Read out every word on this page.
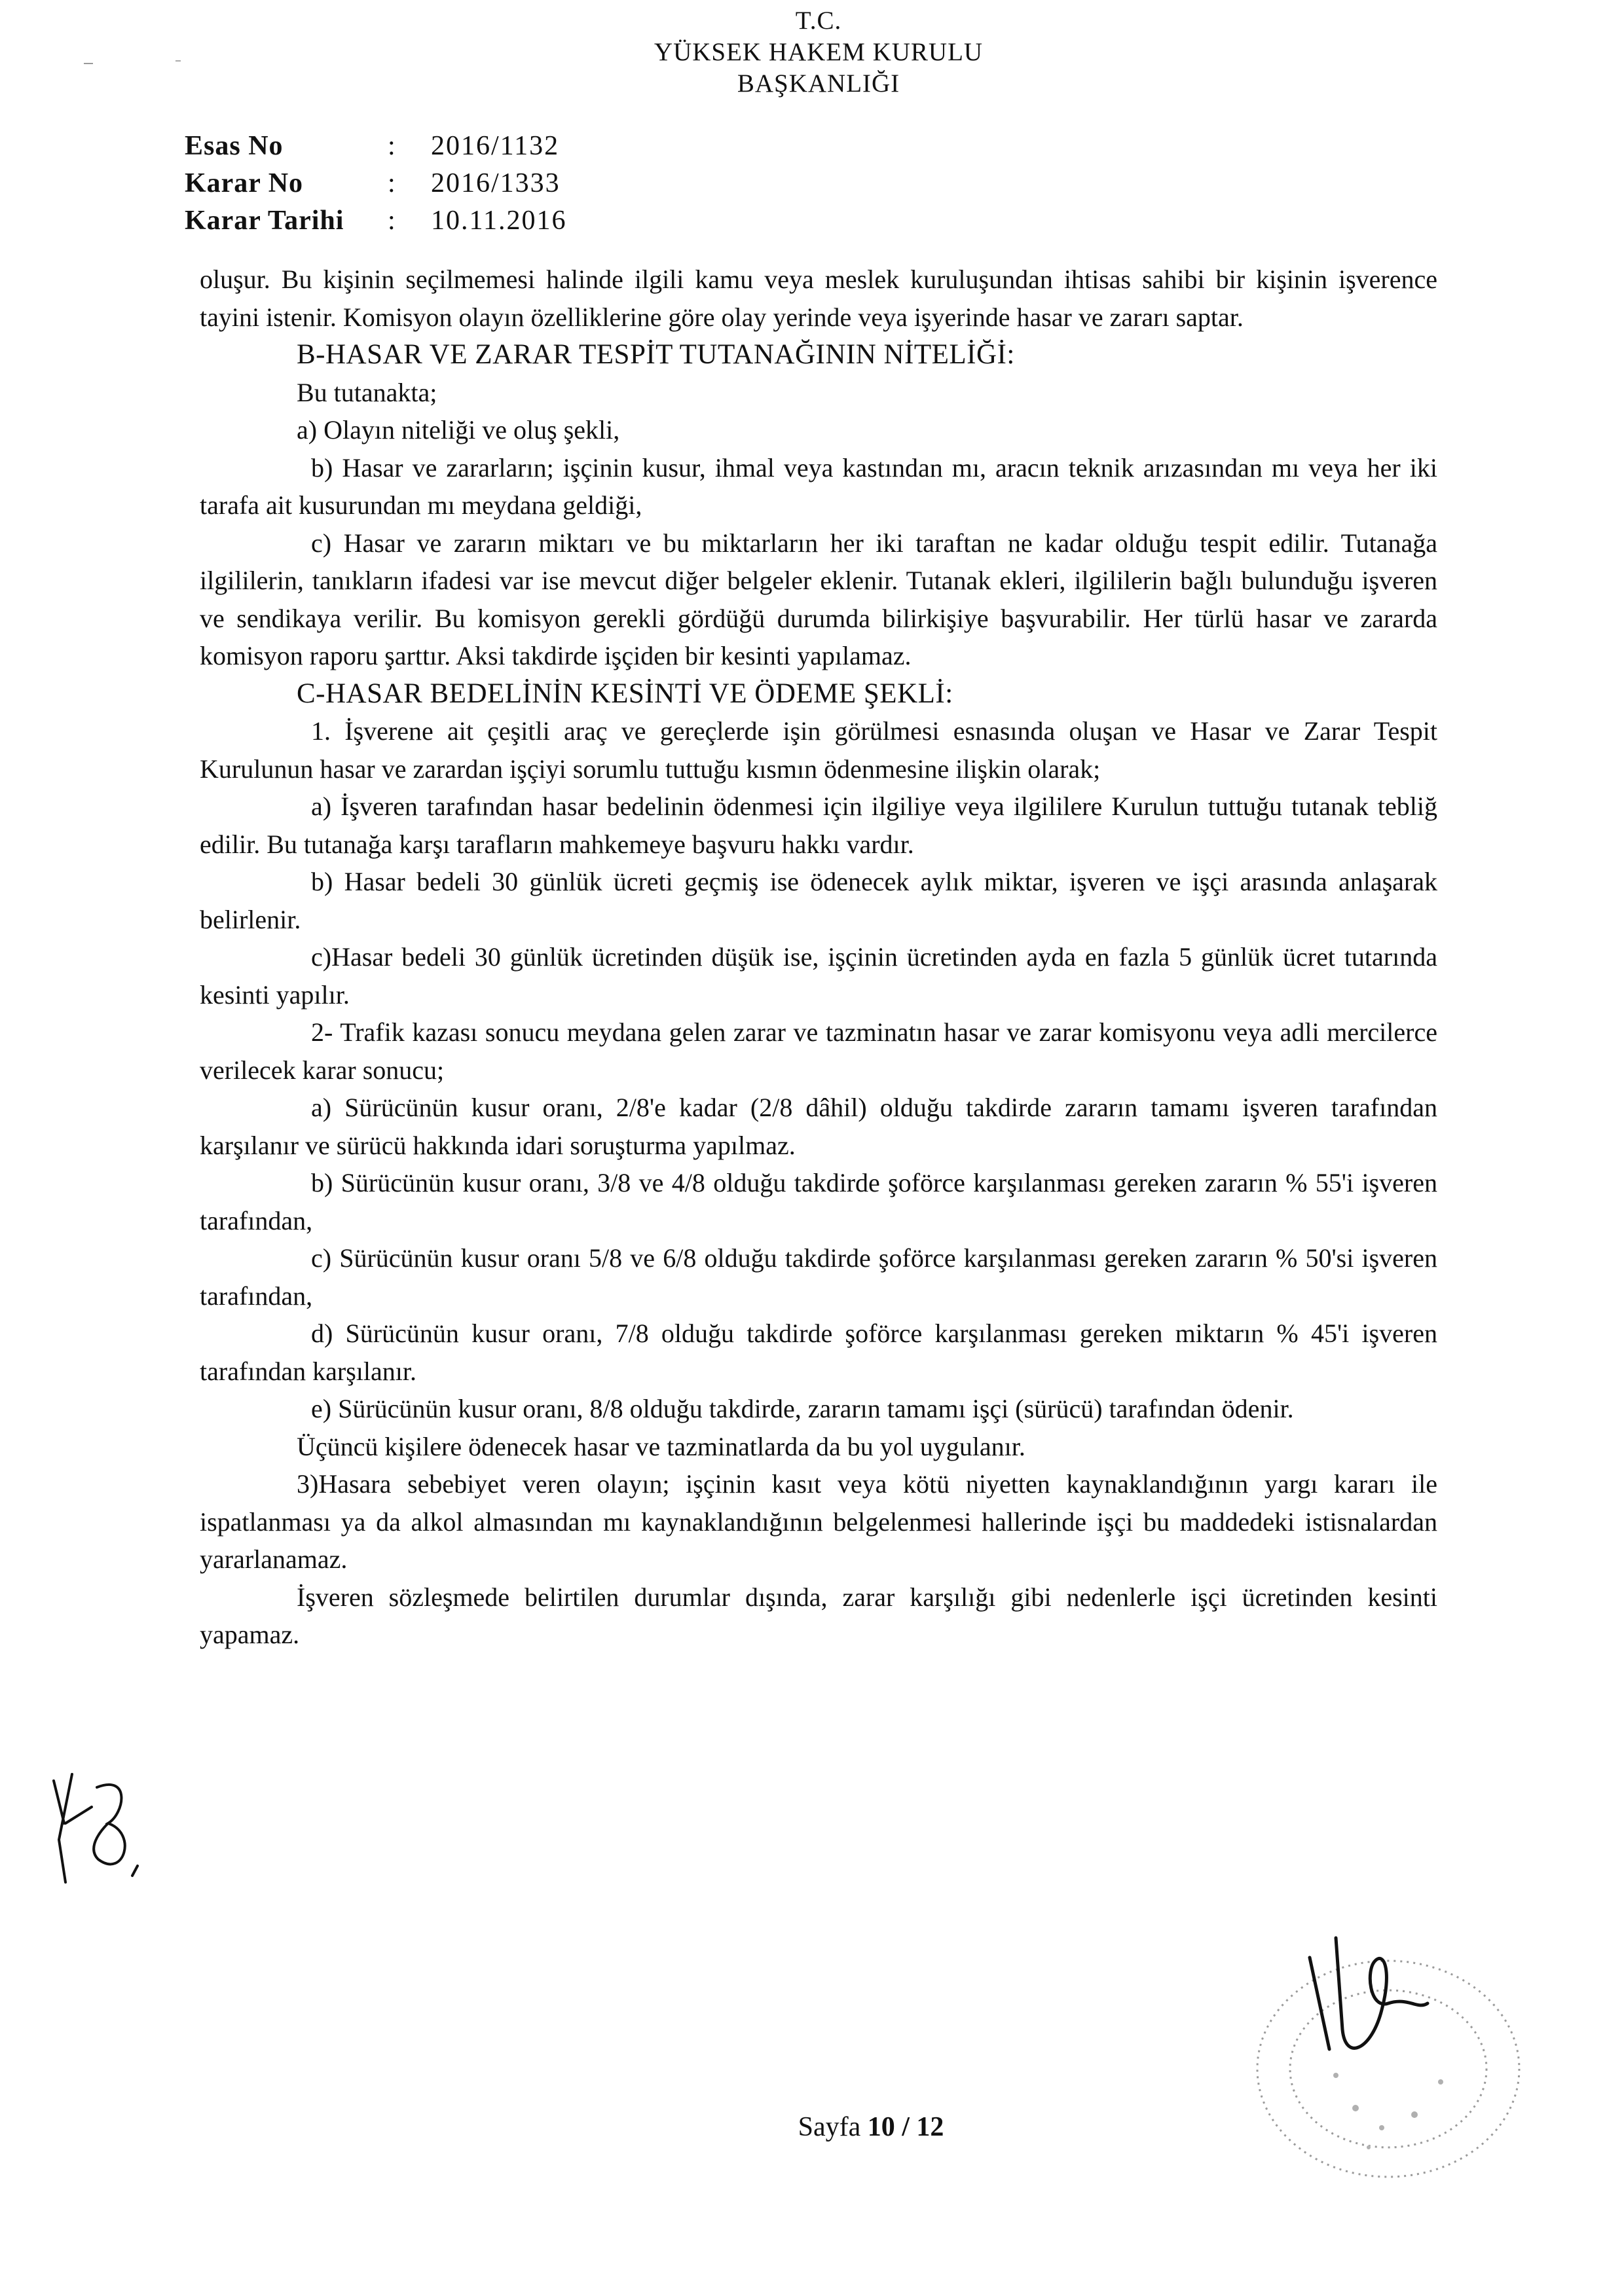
T.C.
YÜKSEK HAKEM KURULU
BAŞKANLIĞI
Esas No	:	2016/1132
Karar No	:	2016/1333
Karar Tarihi	:	10.11.2016

oluşur. Bu kişinin seçilmemesi halinde ilgili kamu veya meslek kuruluşundan ihtisas sahibi bir kişinin işverence tayini istenir. Komisyon olayın özelliklerine göre olay yerinde veya işyerinde hasar ve zararı saptar.

B-HASAR VE ZARAR TESPİT TUTANAĞININ NİTELİĞİ:

Bu tutanakta;

a) Olayın niteliği ve oluş şekli,

b) Hasar ve zararların; işçinin kusur, ihmal veya kastından mı, aracın teknik arızasından mı veya her iki tarafa ait kusurundan mı meydana geldiği,

c) Hasar ve zararın miktarı ve bu miktarların her iki taraftan ne kadar olduğu tespit edilir. Tutanağa ilgililerin, tanıkların ifadesi var ise mevcut diğer belgeler eklenir. Tutanak ekleri, ilgililerin bağlı bulunduğu işveren ve sendikaya verilir. Bu komisyon gerekli gördüğü durumda bilirkişiye başvurabilir. Her türlü hasar ve zararda komisyon raporu şarttır. Aksi takdirde işçiden bir kesinti yapılamaz.

C-HASAR BEDELİNİN KESİNTİ VE ÖDEME ŞEKLİ:

1. İşverene ait çeşitli araç ve gereçlerde işin görülmesi esnasında oluşan ve Hasar ve Zarar Tespit Kurulunun hasar ve zarardan işçiyi sorumlu tuttuğu kısmın ödenmesine ilişkin olarak;

a) İşveren tarafından hasar bedelinin ödenmesi için ilgiliye veya ilgililere Kurulun tuttuğu tutanak tebliğ edilir. Bu tutanağa karşı tarafların mahkemeye başvuru hakkı vardır.

b) Hasar bedeli 30 günlük ücreti geçmiş ise ödenecek aylık miktar, işveren ve işçi arasında anlaşarak belirlenir.

c)Hasar bedeli 30 günlük ücretinden düşük ise, işçinin ücretinden ayda en fazla 5 günlük ücret tutarında kesinti yapılır.

2- Trafik kazası sonucu meydana gelen zarar ve tazminatın hasar ve zarar komisyonu veya adli mercilerce verilecek karar sonucu;

a) Sürücünün kusur oranı, 2/8'e kadar (2/8 dâhil) olduğu takdirde zararın tamamı işveren tarafından karşılanır ve sürücü hakkında idari soruşturma yapılmaz.

b) Sürücünün kusur oranı, 3/8 ve 4/8 olduğu takdirde şoförce karşılanması gereken zararın % 55'i işveren tarafından,

c) Sürücünün kusur oranı 5/8 ve 6/8 olduğu takdirde şoförce karşılanması gereken zararın % 50'si işveren tarafından,

d) Sürücünün kusur oranı, 7/8 olduğu takdirde şoförce karşılanması gereken miktarın % 45'i işveren tarafından karşılanır.

e) Sürücünün kusur oranı, 8/8 olduğu takdirde, zararın tamamı işçi (sürücü) tarafından ödenir.

Üçüncü kişilere ödenecek hasar ve tazminatlarda da bu yol uygulanır.

3)Hasara sebebiyet veren olayın; işçinin kasıt veya kötü niyetten kaynaklandığının yargı kararı ile ispatlanması ya da alkol almasından mı kaynaklandığının belgelenmesi hallerinde işçi bu maddedeki istisnalardan yararlanamaz.

İşveren sözleşmede belirtilen durumlar dışında, zarar karşılığı gibi nedenlerle işçi ücretinden kesinti yapamaz.

Sayfa 10 / 12
